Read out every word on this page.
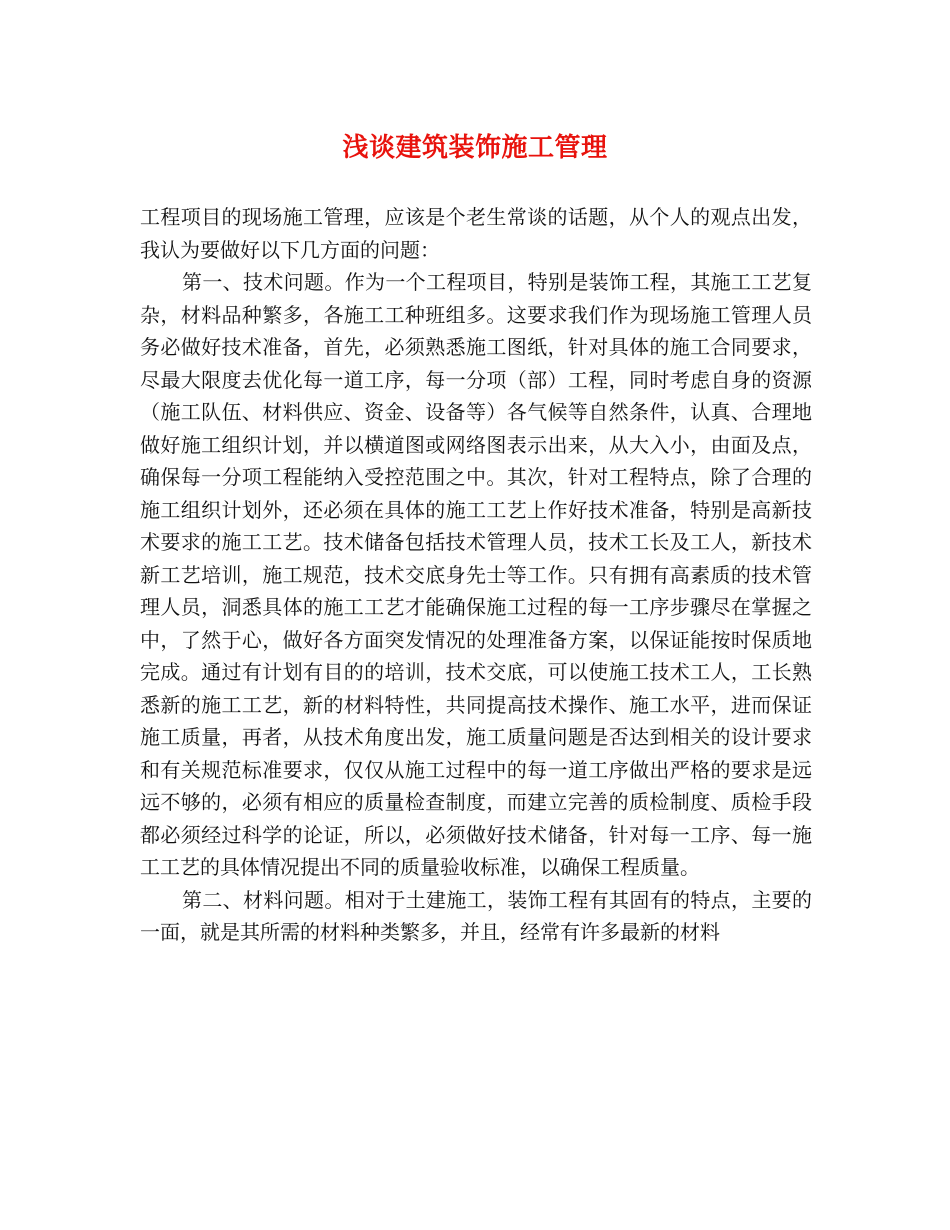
浅谈建筑装饰施工管理

工程项目的现场施工管理，应该是个老生常谈的话题，从个人的观点出发，我认为要做好以下几方面的问题：

第一、技术问题。作为一个工程项目，特别是装饰工程，其施工工艺复杂，材料品种繁多，各施工工种班组多。这要求我们作为现场施工管理人员务必做好技术准备，首先，必须熟悉施工图纸，针对具体的施工合同要求，尽最大限度去优化每一道工序，每一分项（部）工程，同时考虑自身的资源（施工队伍、材料供应、资金、设备等）各气候等自然条件，认真、合理地做好施工组织计划，并以横道图或网络图表示出来，从大入小，由面及点，确保每一分项工程能纳入受控范围之中。其次，针对工程特点，除了合理的施工组织计划外，还必须在具体的施工工艺上作好技术准备，特别是高新技术要求的施工工艺。技术储备包括技术管理人员，技术工长及工人，新技术新工艺培训，施工规范，技术交底身先士等工作。只有拥有高素质的技术管理人员，洞悉具体的施工工艺才能确保施工过程的每一工序步骤尽在掌握之中，了然于心，做好各方面突发情况的处理准备方案，以保证能按时保质地完成。通过有计划有目的的培训，技术交底，可以使施工技术工人，工长熟悉新的施工工艺，新的材料特性，共同提高技术操作、施工水平，进而保证施工质量，再者，从技术角度出发，施工质量问题是否达到相关的设计要求和有关规范标准要求，仅仅从施工过程中的每一道工序做出严格的要求是远远不够的，必须有相应的质量检查制度，而建立完善的质检制度、质检手段都必须经过科学的论证，所以，必须做好技术储备，针对每一工序、每一施工工艺的具体情况提出不同的质量验收标准，以确保工程质量。

第二、材料问题。相对于土建施工，装饰工程有其固有的特点，主要的一面，就是其所需的材料种类繁多，并且，经常有许多最新的材料
